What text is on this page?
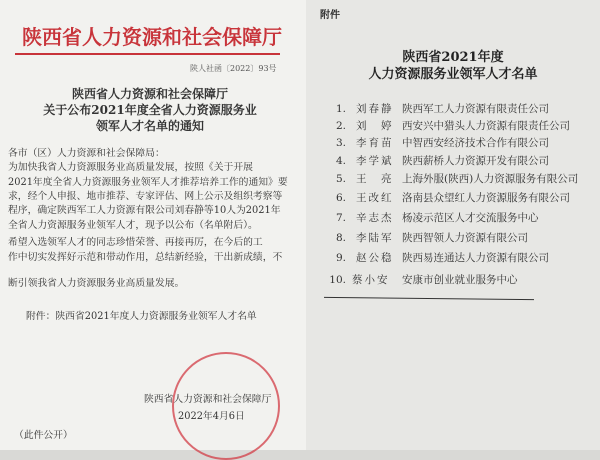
陕西省人力资源和社会保障厅
陕人社函〔2022〕93号
陕西省人力资源和社会保障厅
关于公布2021年度全省人力资源服务业
领军人才名单的通知
各市（区）人力资源和社会保障局：
为加快我省人力资源服务业高质量发展，按照《关于开展
2021年度全省人力资源服务业领军人才推荐培养工作的通知》要
求，经个人申报、地市推荐、专家评估、网上公示及组织考察等
程序，确定陕西军工人力资源有限公司刘春静等10人为2021年
全省人力资源服务业领军人才，现予以公布（名单附后）。
希望入选领军人才的同志珍惜荣誉、再接再厉，在今后的工
作中切实发挥好示范和带动作用，总结新经验，干出新成绩，不
断引领我省人力资源服务业高质量发展。
附件：陕西省2021年度人力资源服务业领军人才名单
陕西省人力资源和社会保障厅
2022年4月6日
（此件公开）
附件
陕西省2021年度
人力资源服务业领军人才名单
1. 刘春静 陕西军工人力资源有限责任公司
2. 刘　婷 西安兴中猎头人力资源有限责任公司
3. 李育苗 中智西安经济技术合作有限公司
4. 李学斌 陕西薪桥人力资源开发有限公司
5. 王　亮 上海外服(陕西)人力资源服务有限公司
6. 王改红 洛南县众望红人力资源服务有限公司
7. 辛志杰 杨凌示范区人才交流服务中心
8. 李陆军 陕西智领人力资源有限公司
9. 赵公稳 陕西易连通达人力资源有限公司
10. 蔡小安 安康市创业就业服务中心
